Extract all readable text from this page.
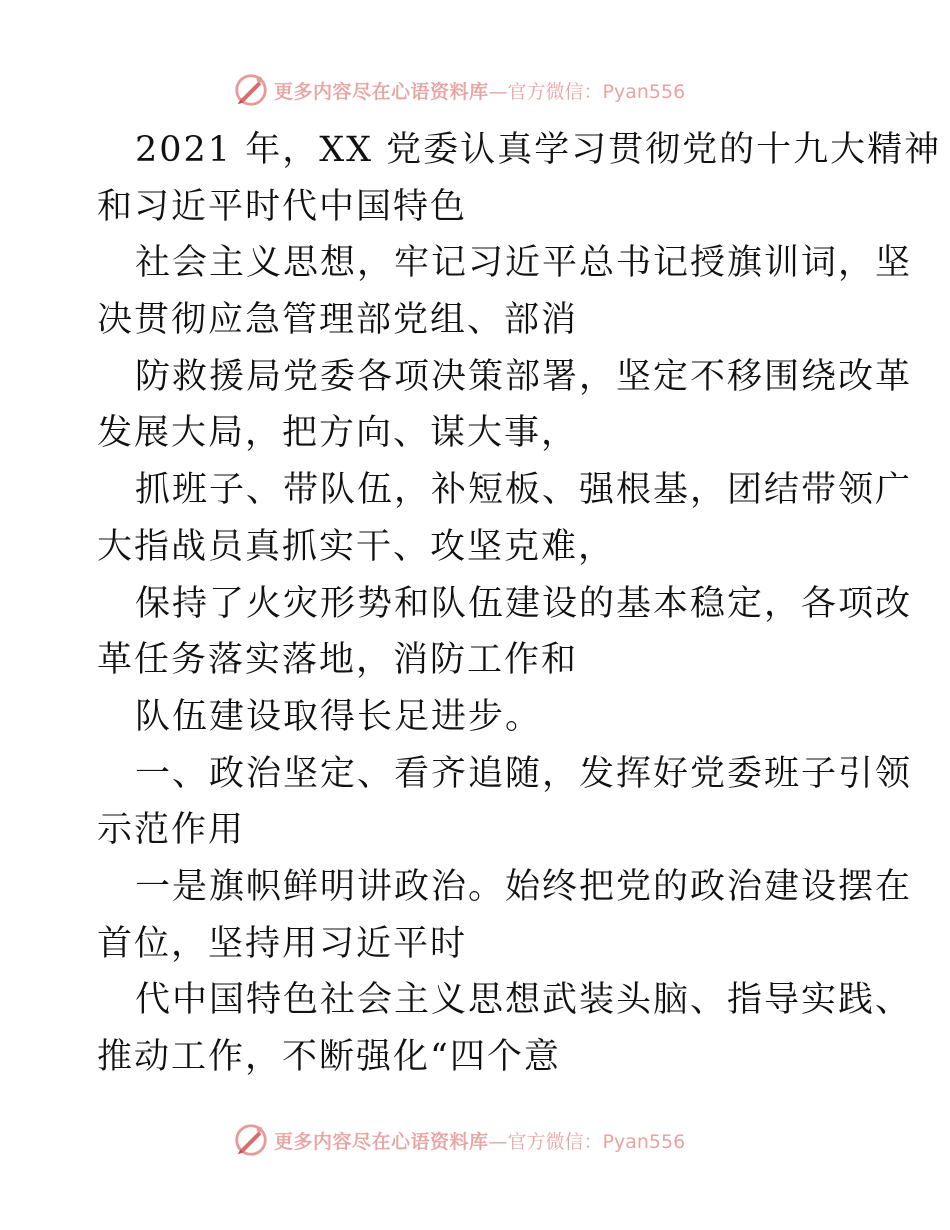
更多内容尽在心语资料库 —官方微信：Pyan556
2021 年，XX 党委认真学习贯彻党的十九大精神
和习近平时代中国特色
社会主义思想，牢记习近平总书记授旗训词，坚
决贯彻应急管理部党组、部消
防救援局党委各项决策部署，坚定不移围绕改革
发展大局，把方向、谋大事，
抓班子、带队伍，补短板、强根基，团结带领广
大指战员真抓实干、攻坚克难，
保持了火灾形势和队伍建设的基本稳定，各项改
革任务落实落地，消防工作和
队伍建设取得长足进步。
一、政治坚定、看齐追随，发挥好党委班子引领
示范作用
一是旗帜鲜明讲政治。始终把党的政治建设摆在
首位，坚持用习近平时
代中国特色社会主义思想武装头脑、指导实践、
推动工作，不断强化“四个意
更多内容尽在心语资料库 —官方微信：Pyan556
